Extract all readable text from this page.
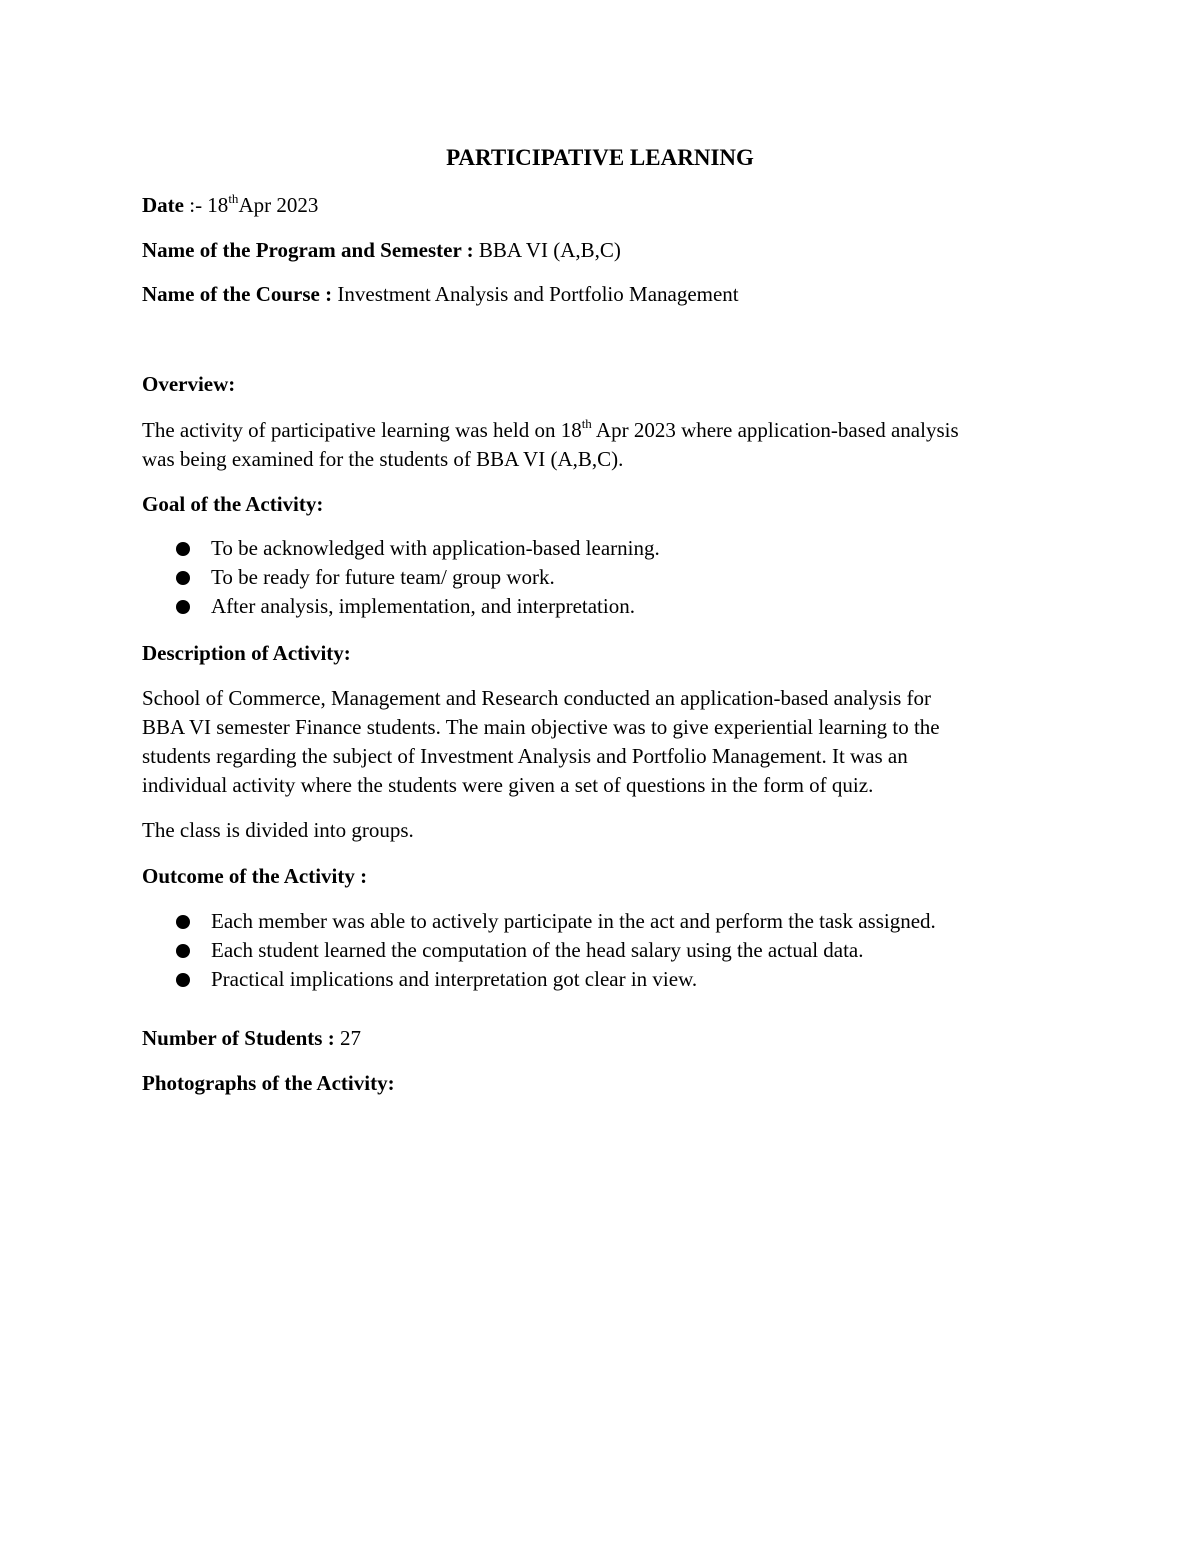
PARTICIPATIVE LEARNING

Date :- 18thApr 2023

Name of the Program and Semester : BBA VI (A,B,C)

Name of the Course : Investment Analysis and Portfolio Management

Overview:

The activity of participative learning was held on 18th Apr 2023 where application-based analysis

was being examined for the students of BBA VI (A,B,C).

Goal of the Activity:

To be acknowledged with application-based learning.
To be ready for future team/ group work.
After analysis, implementation, and interpretation.

Description of Activity:

School of Commerce, Management and Research conducted an application-based analysis for

BBA VI semester Finance students. The main objective was to give experiential learning to the

students regarding the subject of Investment Analysis and Portfolio Management. It was an

individual activity where the students were given a set of questions in the form of quiz.

The class is divided into groups.

Outcome of the Activity :

Each member was able to actively participate in the act and perform the task assigned.
Each student learned the computation of the head salary using the actual data.
Practical implications and interpretation got clear in view.

Number of Students : 27

Photographs of the Activity:
